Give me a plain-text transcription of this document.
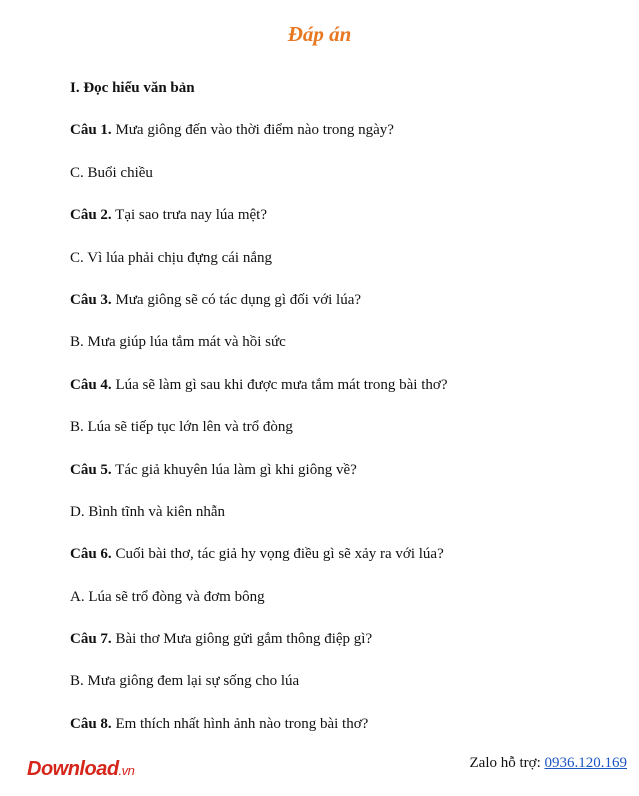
Đáp án
I. Đọc hiểu văn bản
Câu 1. Mưa giông đến vào thời điểm nào trong ngày?
C. Buổi chiều
Câu 2. Tại sao trưa nay lúa mệt?
C. Vì lúa phải chịu đựng cái nắng
Câu 3. Mưa giông sẽ có tác dụng gì đối với lúa?
B. Mưa giúp lúa tắm mát và hồi sức
Câu 4. Lúa sẽ làm gì sau khi được mưa tắm mát trong bài thơ?
B. Lúa sẽ tiếp tục lớn lên và trổ đòng
Câu 5. Tác giả khuyên lúa làm gì khi giông về?
D. Bình tĩnh và kiên nhẫn
Câu 6. Cuối bài thơ, tác giả hy vọng điều gì sẽ xảy ra với lúa?
A. Lúa sẽ trổ đòng và đơm bông
Câu 7. Bài thơ Mưa giông gửi gắm thông điệp gì?
B. Mưa giông đem lại sự sống cho lúa
Câu 8. Em thích nhất hình ảnh nào trong bài thơ?
Download.vn	Zalo hỗ trợ: 0936.120.169
